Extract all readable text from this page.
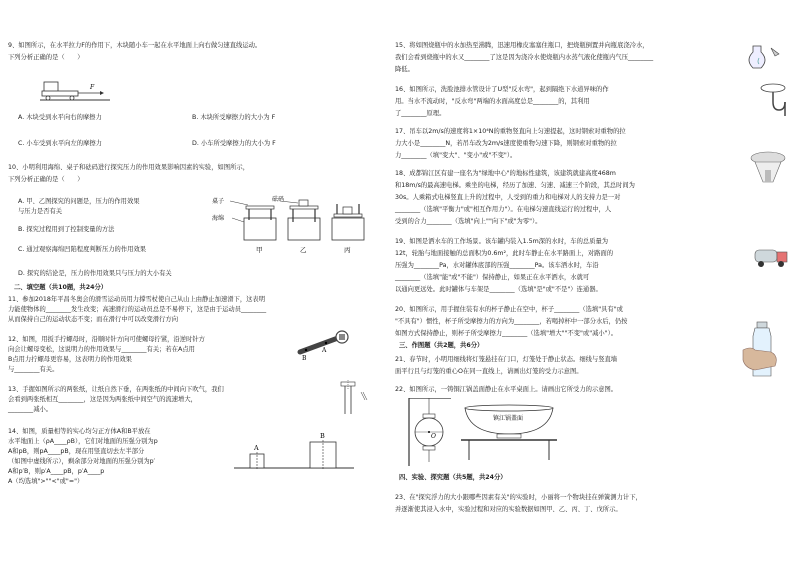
9、如图所示，在水平拉力F的作用下，木块随小车一起在水平地面上向右做匀速直线运动。
下列分析正确的是（　　）
F
A. 木块受到水平向右的摩擦力	B. 木块所受摩擦力的大小为 F
C. 小车受到水平向左的摩擦力	D. 小车所受摩擦力的大小为 F
10、小明利用海绵、桌子和砝码进行探究压力的作用效果影响因素的实验，如图所示，
下列分析正确的是（　　）
A. 甲、乙图探究的问题是，压力的作用效果
与压力是否有关
B. 探究过程用到了控制变量的方法
C. 通过观察海绵凹陷程度判断压力的作用效果
D. 探究的结论是，压力的作用效果只与压力的大小有关
桌子	砝码
海绵
甲	乙	丙
二、填空题（共10题，共24分）
11、参加2018年平昌冬奥会的滑雪运动员用力撑雪杖使自己从山上由静止加速滑下，这表明
力能使物体的________发生改变；高速滑行的运动员总是不易停下，这是由于运动员________
从而保持自己的运动状态不变；而在滑行中可以改变滑行方向
12、如图，用扳手拧螺母时，沿顺时针方向可使螺母拧紧，沿逆时针方
向会让螺母变松，这说明力的作用效果与________有关；若在A点用
B点用力拧螺母更容易，这表明力的作用效果
与________有关。
A
B
13、手握如图所示的两张纸，让纸自然下垂，在两张纸的中间向下吹气，我们
会看到两张纸相互________，这是因为两张纸中间空气的流速增大，
________减小。
14、如图，质量相等的实心均匀正方体A和B平放在
水平地面上（ρA____ρB），它们对地面的压强分别为p
A和pB，则pA____pB，现在用竖直切去左半部分
（如图中虚线所示），剩余部分对地面的压强分别为p′
A和p′B，则p′A____pB，p′A____p
A（均选填">""<"或"="）
A
B
15、将如图烧瓶中的水加热至沸腾，迅速用橡皮塞塞住瓶口，把烧瓶倒置并向瓶底浇冷水，
我们会看到烧瓶中的水又________了这是因为浇冷水使烧瓶内水蒸气液化使瓶内气压________
降低。
16、如图所示，洗脸池排水管设计了U型"反水弯"，起到隔绝下水道异味的作
用。当水不流动时，"反水弯"两端的水面高度总是________的，其利用
了________原理。
17、吊车以2m/s的速度将1×10⁴N的重物竖直向上匀速提起，这时钢索对重物的拉
力大小是________N，若吊车改为2m/s速度使重物匀速下降，则钢索对重物的拉
力________（填"变大"、"变小"或"不变"）。
18、成都锦江区有建一座名为"绿地中心"的地标性建筑，该建筑就建高度468m
和18m/s的最高速电梯。乘坐的电梯，经历了加速、匀速、减速三个阶段，其总时间为
30s。人乘箱式电梯竖直上升的过程中，人受到的重力和电梯对人的支持力是一对
________（选填"平衡力"或"相互作用力"）。在电梯匀速直线运行的过程中，人
受到的合力________（选填"向上""向下"或"为零"）。
19、如图是洒水车的工作场景。该车罐内装入1.5m深的水时，车的总质量为
12t，轮胎与地面接触的总面积为0.6m²，此时车静止在水平路面上，对路面的
压强为________Pa，水对罐体底部的压强________Pa。该车洒水时，车沿
________（选填"能"或"不能"）保持静止，如果正在水平洒水，水就可
以通向更远处。此时罐体与车架是________（选填"是"或"不是"）连通器。
20、如图所示，用手握住装有水的杯子静止在空中，杯子________（选填"具有"或
"不具有"）惯性，杯子所受摩擦力的方向为________，若喝掉杯中一部分水后，仍按
如图方式保持静止，则杯子所受摩擦力________（选填"增大""不变"或"减小"）。
三、作图题（共2题，共6分）
21、春节时，小明用细线将灯笼悬挂在门口，灯笼处于静止状态。细线与竖直墙
面平行且与灯笼的重心O在同一直线上，请画出灯笼的受力示意图。
22、如图所示，一铸铜江锅盖面静止在水平桌面上。请画出它所受力的示意图。
O
镇江锅盖面
四、实验、探究题（共5题，共24分）
23、在"探究浮力的大小跟哪些因素有关"的实验时，小丽将一个物块挂在弹簧测力计下，
并逐渐使其浸入水中，实验过程和对应的实验数据如图甲、乙、丙、丁、戊所示。
